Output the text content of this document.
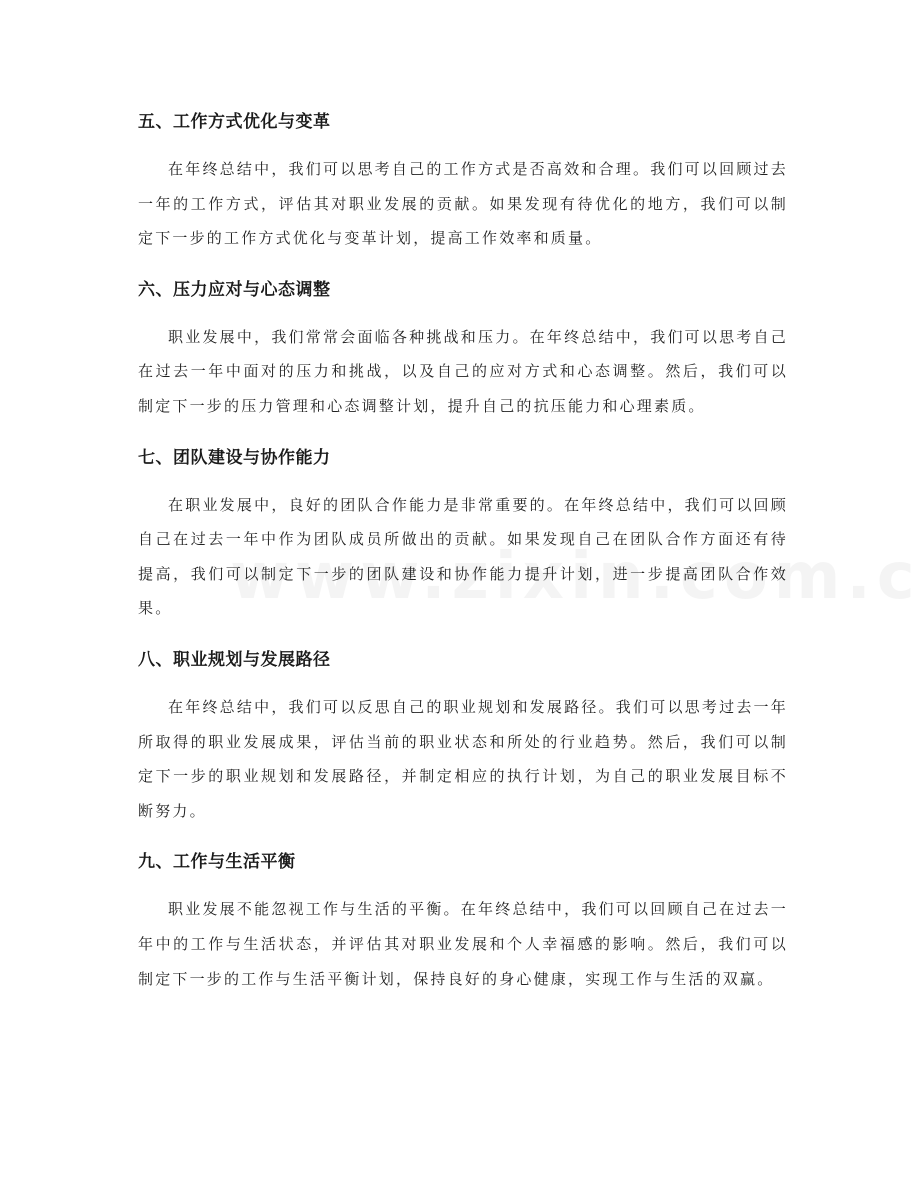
五、工作方式优化与变革

在年终总结中，我们可以思考自己的工作方式是否高效和合理。我们可以回顾过去一年的工作方式，评估其对职业发展的贡献。如果发现有待优化的地方，我们可以制定下一步的工作方式优化与变革计划，提高工作效率和质量。

六、压力应对与心态调整

职业发展中，我们常常会面临各种挑战和压力。在年终总结中，我们可以思考自己在过去一年中面对的压力和挑战，以及自己的应对方式和心态调整。然后，我们可以制定下一步的压力管理和心态调整计划，提升自己的抗压能力和心理素质。

七、团队建设与协作能力

在职业发展中，良好的团队合作能力是非常重要的。在年终总结中，我们可以回顾自己在过去一年中作为团队成员所做出的贡献。如果发现自己在团队合作方面还有待提高，我们可以制定下一步的团队建设和协作能力提升计划，进一步提高团队合作效果。

八、职业规划与发展路径

在年终总结中，我们可以反思自己的职业规划和发展路径。我们可以思考过去一年所取得的职业发展成果，评估当前的职业状态和所处的行业趋势。然后，我们可以制定下一步的职业规划和发展路径，并制定相应的执行计划，为自己的职业发展目标不断努力。

九、工作与生活平衡

职业发展不能忽视工作与生活的平衡。在年终总结中，我们可以回顾自己在过去一年中的工作与生活状态，并评估其对职业发展和个人幸福感的影响。然后，我们可以制定下一步的工作与生活平衡计划，保持良好的身心健康，实现工作与生活的双赢。
